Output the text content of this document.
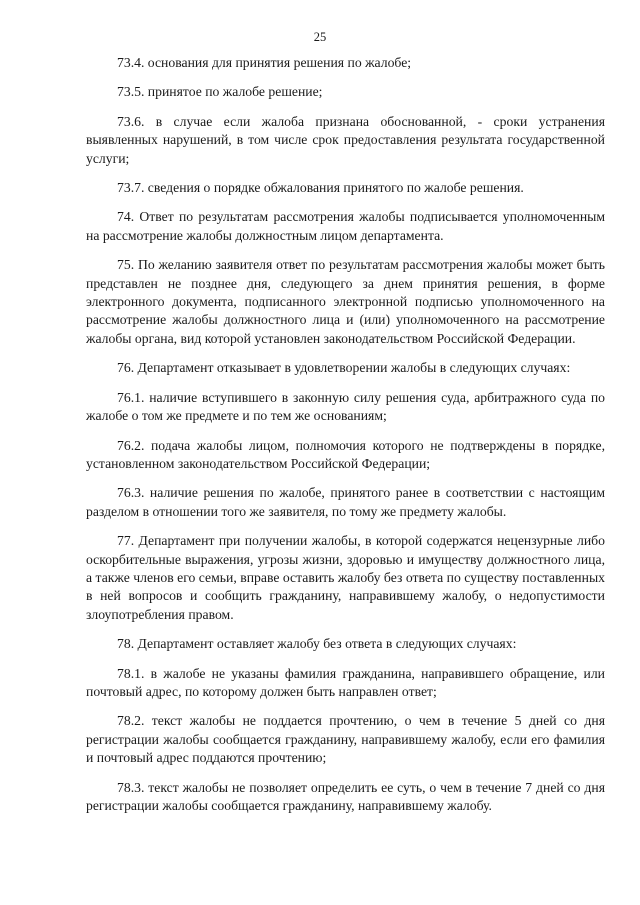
25

73.4. основания для принятия решения по жалобе;

73.5. принятое по жалобе решение;

73.6. в случае если жалоба признана обоснованной, - сроки устранения выявленных нарушений, в том числе срок предоставления результата государственной услуги;

73.7. сведения о порядке обжалования принятого по жалобе решения.

74. Ответ по результатам рассмотрения жалобы подписывается уполномоченным на рассмотрение жалобы должностным лицом департамента.

75. По желанию заявителя ответ по результатам рассмотрения жалобы может быть представлен не позднее дня, следующего за днем принятия решения, в форме электронного документа, подписанного электронной подписью уполномоченного на рассмотрение жалобы должностного лица и (или) уполномоченного на рассмотрение жалобы органа, вид которой установлен законодательством Российской Федерации.

76. Департамент отказывает в удовлетворении жалобы в следующих случаях:

76.1. наличие вступившего в законную силу решения суда, арбитражного суда по жалобе о том же предмете и по тем же основаниям;

76.2. подача жалобы лицом, полномочия которого не подтверждены в порядке, установленном законодательством Российской Федерации;

76.3. наличие решения по жалобе, принятого ранее в соответствии с настоящим разделом в отношении того же заявителя, по тому же предмету жалобы.

77. Департамент при получении жалобы, в которой содержатся нецензурные либо оскорбительные выражения, угрозы жизни, здоровью и имуществу должностного лица, а также членов его семьи, вправе оставить жалобу без ответа по существу поставленных в ней вопросов и сообщить гражданину, направившему жалобу, о недопустимости злоупотребления правом.

78. Департамент оставляет жалобу без ответа в следующих случаях:

78.1. в жалобе не указаны фамилия гражданина, направившего обращение, или почтовый адрес, по которому должен быть направлен ответ;

78.2. текст жалобы не поддается прочтению, о чем в течение 5 дней со дня регистрации жалобы сообщается гражданину, направившему жалобу, если его фамилия и почтовый адрес поддаются прочтению;

78.3. текст жалобы не позволяет определить ее суть, о чем в течение 7 дней со дня регистрации жалобы сообщается гражданину, направившему жалобу.
